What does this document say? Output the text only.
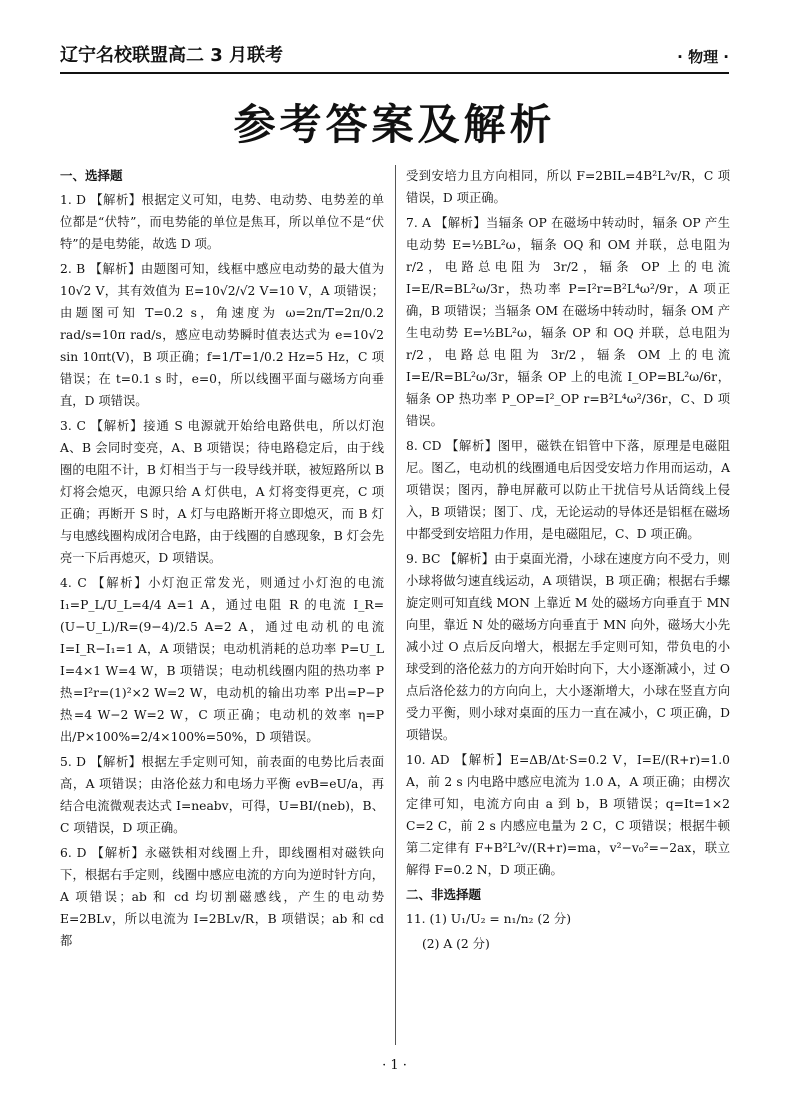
辽宁名校联盟高二 3 月联考	· 物理 ·
参考答案及解析
一、选择题

1. D 【解析】根据定义可知，电势、电动势、电势差的单位都是“伏特”，而电势能的单位是焦耳，所以单位不是“伏特”的是电势能，故选 D 项。

2. B 【解析】由题图可知，线框中感应电动势的最大值为 10√2 V，其有效值为 E=10√2/√2 V=10 V，A 项错误；由题图可知 T=0.2 s，角速度为 ω=2π/T=2π/0.2 rad/s=10π rad/s，感应电动势瞬时值表达式为 e=10√2 sin 10πt(V)，B 项正确；f=1/T=1/0.2 Hz=5 Hz，C 项错误；在 t=0.1 s 时，e=0，所以线圈平面与磁场方向垂直，D 项错误。

3. C 【解析】接通 S 电源就开始给电路供电，所以灯泡 A、B 会同时变亮，A、B 项错误；待电路稳定后，由于线圈的电阻不计，B 灯相当于与一段导线并联，被短路所以 B 灯将会熄灭，电源只给 A 灯供电，A 灯将变得更亮，C 项正确；再断开 S 时，A 灯与电路断开将立即熄灭，而 B 灯与电感线圈构成闭合电路，由于线圈的自感现象，B 灯会先亮一下后再熄灭，D 项错误。

4. C 【解析】小灯泡正常发光，则通过小灯泡的电流 I₁=P_L/U_L=4/4 A=1 A，通过电阻 R 的电流 I_R=(U−U_L)/R=(9−4)/2.5 A=2 A，通过电动机的电流 I=I_R−I₁=1 A，A 项错误；电动机消耗的总功率 P=U_L I=4×1 W=4 W，B 项错误；电动机线圈内阻的热功率 P热=I²r=(1)²×2 W=2 W，电动机的输出功率 P出=P−P热=4 W−2 W=2 W，C 项正确；电动机的效率 η=P出/P×100%=2/4×100%=50%，D 项错误。

5. D 【解析】根据左手定则可知，前表面的电势比后表面高，A 项错误；由洛伦兹力和电场力平衡 evB=eU/a，再结合电流微观表达式 I=neabv，可得，U=BI/(neb)，B、C 项错误，D 项正确。

6. D 【解析】永磁铁相对线圈上升，即线圈相对磁铁向下，根据右手定则，线圈中感应电流的方向为逆时针方向，A 项错误；ab 和 cd 均切割磁感线，产生的电动势 E=2BLv，所以电流为 I=2BLv/R，B 项错误；ab 和 cd 都

受到安培力且方向相同，所以 F=2BIL=4B²L²v/R，C 项错误，D 项正确。

7. A 【解析】当辐条 OP 在磁场中转动时，辐条 OP 产生电动势 E=½BL²ω，辐条 OQ 和 OM 并联，总电阻为 r/2，电路总电阻为 3r/2，辐条 OP 上的电流 I=E/R=BL²ω/3r，热功率 P=I²r=B²L⁴ω²/9r，A 项正确，B 项错误；当辐条 OM 在磁场中转动时，辐条 OM 产生电动势 E=½BL²ω，辐条 OP 和 OQ 并联，总电阻为 r/2，电路总电阻为 3r/2，辐条 OM 上的电流 I=E/R=BL²ω/3r，辐条 OP 上的电流 I_OP=BL²ω/6r，辐条 OP 热功率 P_OP=I²_OP r=B²L⁴ω²/36r，C、D 项错误。

8. CD 【解析】图甲，磁铁在铝管中下落，原理是电磁阻尼。图乙，电动机的线圈通电后因受安培力作用而运动，A 项错误；图丙，静电屏蔽可以防止干扰信号从话筒线上侵入，B 项错误；图丁、戊，无论运动的导体还是铝框在磁场中都受到安培阻力作用，是电磁阻尼，C、D 项正确。

9. BC 【解析】由于桌面光滑，小球在速度方向不受力，则小球将做匀速直线运动，A 项错误，B 项正确；根据右手螺旋定则可知直线 MON 上靠近 M 处的磁场方向垂直于 MN 向里，靠近 N 处的磁场方向垂直于 MN 向外，磁场大小先减小过 O 点后反向增大，根据左手定则可知，带负电的小球受到的洛伦兹力的方向开始时向下，大小逐渐减小，过 O 点后洛伦兹力的方向向上，大小逐渐增大，小球在竖直方向受力平衡，则小球对桌面的压力一直在减小，C 项正确，D 项错误。

10. AD 【解析】E=ΔB/Δt·S=0.2 V，I=E/(R+r)=1.0 A，前 2 s 内电路中感应电流为 1.0 A，A 项正确；由楞次定律可知，电流方向由 a 到 b，B 项错误；q=It=1×2 C=2 C，前 2 s 内感应电量为 2 C，C 项错误；根据牛顿第二定律有 F+B²L²v/(R+r)=ma，v²−v₀²=−2ax，联立解得 F=0.2 N，D 项正确。

二、非选择题

11. (1) U₁/U₂ = n₁/n₂ (2 分)

(2) A (2 分)

· 1 ·
